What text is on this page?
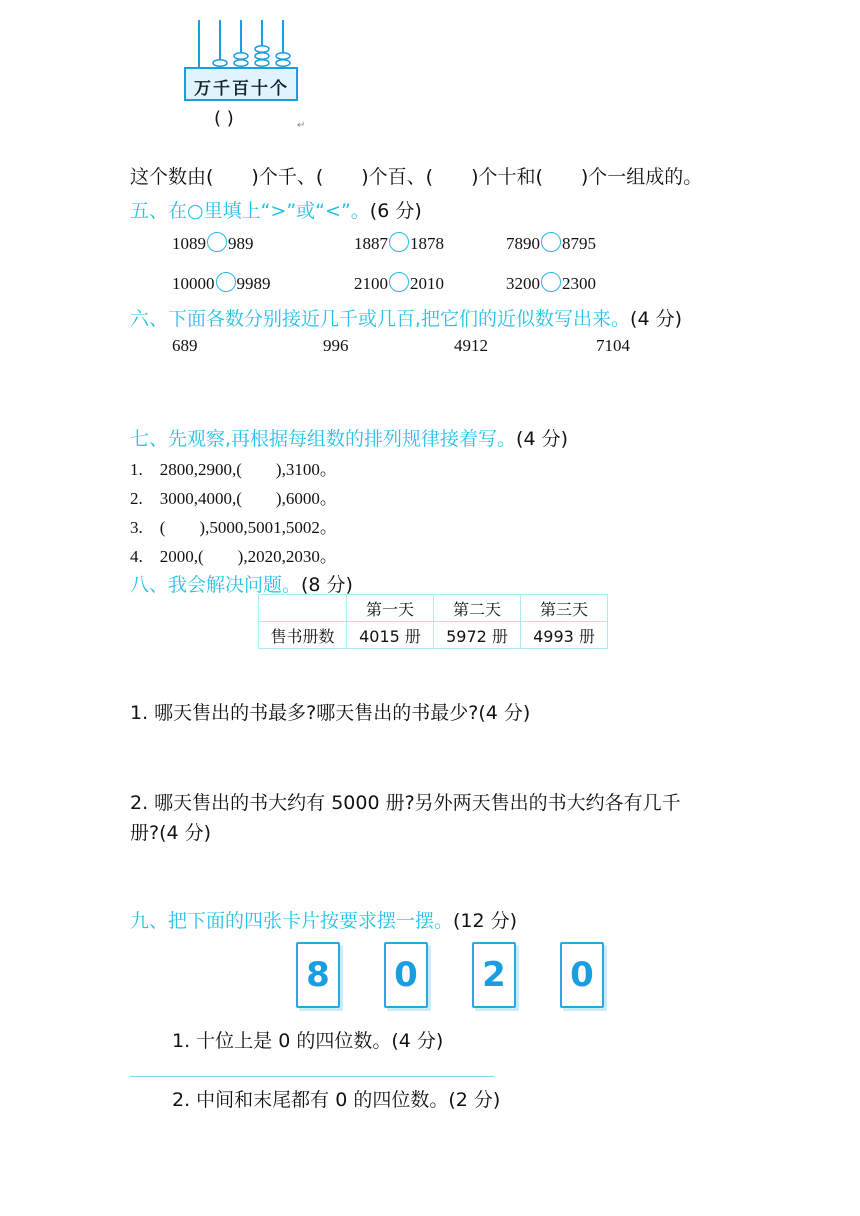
万千百十个
( )	↵
这个数由(　　)个千、(　　)个百、(　　)个十和(　　)个一组成的。
五、在○里填上“>”或“<”。(6 分)
1089 989	1887 1878	7890 8795
10000 9989	2100 2010	3200 2300
六、下面各数分别接近几千或几百,把它们的近似数写出来。(4 分)
689	996	4912	7104
七、先观察,再根据每组数的排列规律接着写。(4 分)
1.　2800,2900,(　　),3100。
2.　3000,4000,(　　),6000。
3.　(　　),5000,5001,5002。
4.　2000,(　　),2020,2030。
八、我会解决问题。(8 分)
	第一天	第二天	第三天
售书册数	4015 册	5972 册	4993 册
1. 哪天售出的书最多?哪天售出的书最少?(4 分)
2. 哪天售出的书大约有 5000 册?另外两天售出的书大约各有几千
册?(4 分)
九、把下面的四张卡片按要求摆一摆。(12 分)
8 0 2 0
1. 十位上是 0 的四位数。(4 分)
2. 中间和末尾都有 0 的四位数。(2 分)
